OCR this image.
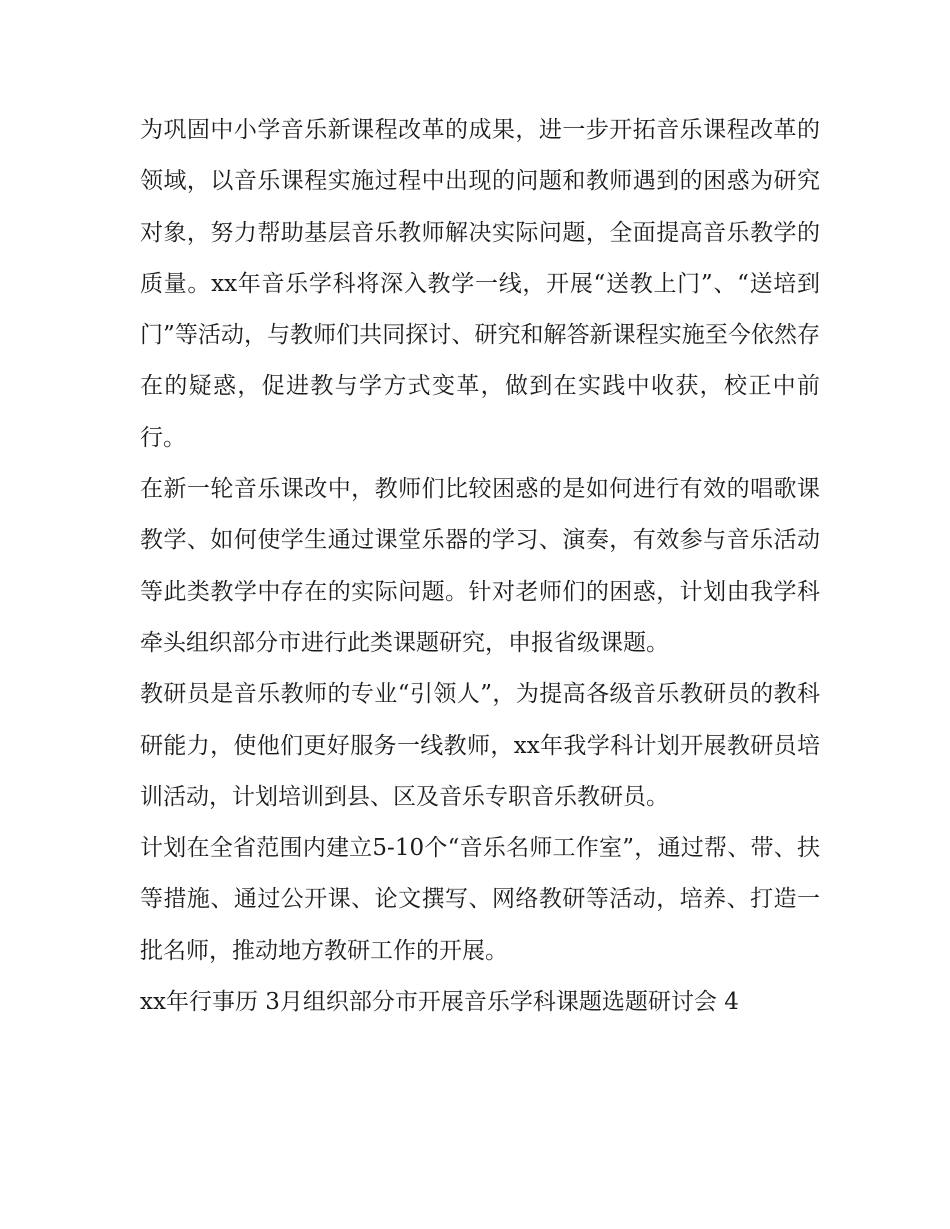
为巩固中小学音乐新课程改革的成果，进一步开拓音乐课程改革的领域，以音乐课程实施过程中出现的问题和教师遇到的困惑为研究对象，努力帮助基层音乐教师解决实际问题，全面提高音乐教学的质量。xx年音乐学科将深入教学一线，开展“送教上门”、“送培到门”等活动，与教师们共同探讨、研究和解答新课程实施至今依然存在的疑惑，促进教与学方式变革，做到在实践中收获，校正中前行。

在新一轮音乐课改中，教师们比较困惑的是如何进行有效的唱歌课教学、如何使学生通过课堂乐器的学习、演奏，有效参与音乐活动等此类教学中存在的实际问题。针对老师们的困惑，计划由我学科牵头组织部分市进行此类课题研究，申报省级课题。

教研员是音乐教师的专业“引领人”，为提高各级音乐教研员的教科研能力，使他们更好服务一线教师，xx年我学科计划开展教研员培训活动，计划培训到县、区及音乐专职音乐教研员。

计划在全省范围内建立5-10个“音乐名师工作室”，通过帮、带、扶等措施、通过公开课、论文撰写、网络教研等活动，培养、打造一批名师，推动地方教研工作的开展。

xx年行事历 3月组织部分市开展音乐学科课题选题研讨会 4
